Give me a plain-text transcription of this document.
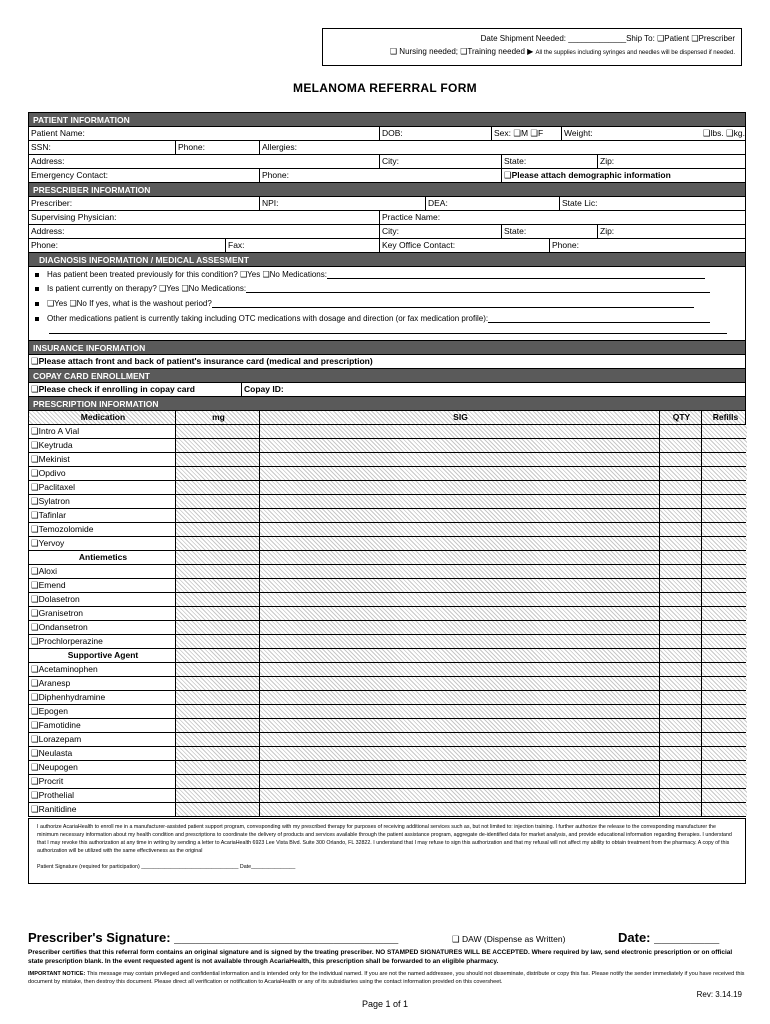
Date Shipment Needed: _____________Ship To: ❑Patient ❑Prescriber
❑ Nursing needed; ❑Training needed ▶ All the supplies including syringes and needles will be dispensed if needed.
MELANOMA REFERRAL FORM
PATIENT INFORMATION
Patient Name:	DOB:	Sex: ❑M ❑F	Weight:	❑lbs. ❑kg.
SSN:	Phone:	Allergies:
Address:	City:	State:	Zip:
Emergency Contact:	Phone:	❑Please attach demographic information
PRESCRIBER INFORMATION
Prescriber:	NPI:	DEA:	State Lic:
Supervising Physician:	Practice Name:
Address:	City:	State:	Zip:
Phone:	Fax:	Key Office Contact:	Phone:
DIAGNOSIS INFORMATION / MEDICAL ASSESMENT
Has patient been treated previously for this condition? ❑Yes ❑No Medications:
Is patient currently on therapy? ❑Yes ❑No Medications:
❑Yes ❑No If yes, what is the washout period?
Other medications patient is currently taking including OTC medications with dosage and direction (or fax medication profile):
INSURANCE INFORMATION
❑Please attach front and back of patient's insurance card (medical and prescription)
COPAY CARD ENROLLMENT
❑Please check if enrolling in copay card	Copay ID:
PRESCRIPTION INFORMATION
Medication	mg	SIG	QTY	Refills
❑Intro A Vial
❑Keytruda
❑Mekinist
❑Opdivo
❑Paclitaxel
❑Sylatron
❑Tafinlar
❑Temozolomide
❑Yervoy
Antiemetics
❑Aloxi
❑Emend
❑Dolasetron
❑Granisetron
❑Ondansetron
❑Prochlorperazine
Supportive Agent
❑Acetaminophen
❑Aranesp
❑Diphenhydramine
❑Epogen
❑Famotidine
❑Lorazepam
❑Neulasta
❑Neupogen
❑Procrit
❑Prothelial
❑Ranitidine
I authorize AcariaHealth to enroll me in a manufacturer-assisted patient support program, corresponding with my prescribed therapy for purposes of receiving additional services such as, but not limited to: injection training. I further authorize the release to the corresponding manufacturer the minimum necessary information about my health condition and prescriptions to coordinate the delivery of products and services available through the patient assistance program, aggregate de-identified data for market analysis, and provide educational information regarding therapies. I understand that I may revoke this authorization at any time in writing by sending a letter to AcariaHealth 6923 Lee Vista Blvd. Suite 300 Orlando, FL 32822. I understand that I may refuse to sign this authorization and that my refusal will not affect my ability to obtain treatment from the pharmacy. A copy of this authorization will be utilized with the same effectiveness as the original
Patient Signature (required for participation) _________________________________ Date_______________
Prescriber's Signature: _______________________________	❑ DAW (Dispense as Written)	Date: _________
Prescriber certifies that this referral form contains an original signature and is signed by the treating prescriber. NO STAMPED SIGNATURES WILL BE ACCEPTED. Where required by law, send electronic prescription or on official state prescription blank. In the event requested agent is not available through AcariaHealth, this prescription shall be forwarded to an eligible pharmacy.
IMPORTANT NOTICE: This message may contain privileged and confidential information and is intended only for the individual named. If you are not the named addressee, you should not disseminate, distribute or copy this fax. Please notify the sender immediately if you have received this document by mistake, then destroy this document. Please direct all verification or notification to AcariaHealth or any of its subsidiaries using the contact information provided on this coversheet.
Rev: 3.14.19
Page 1 of 1
